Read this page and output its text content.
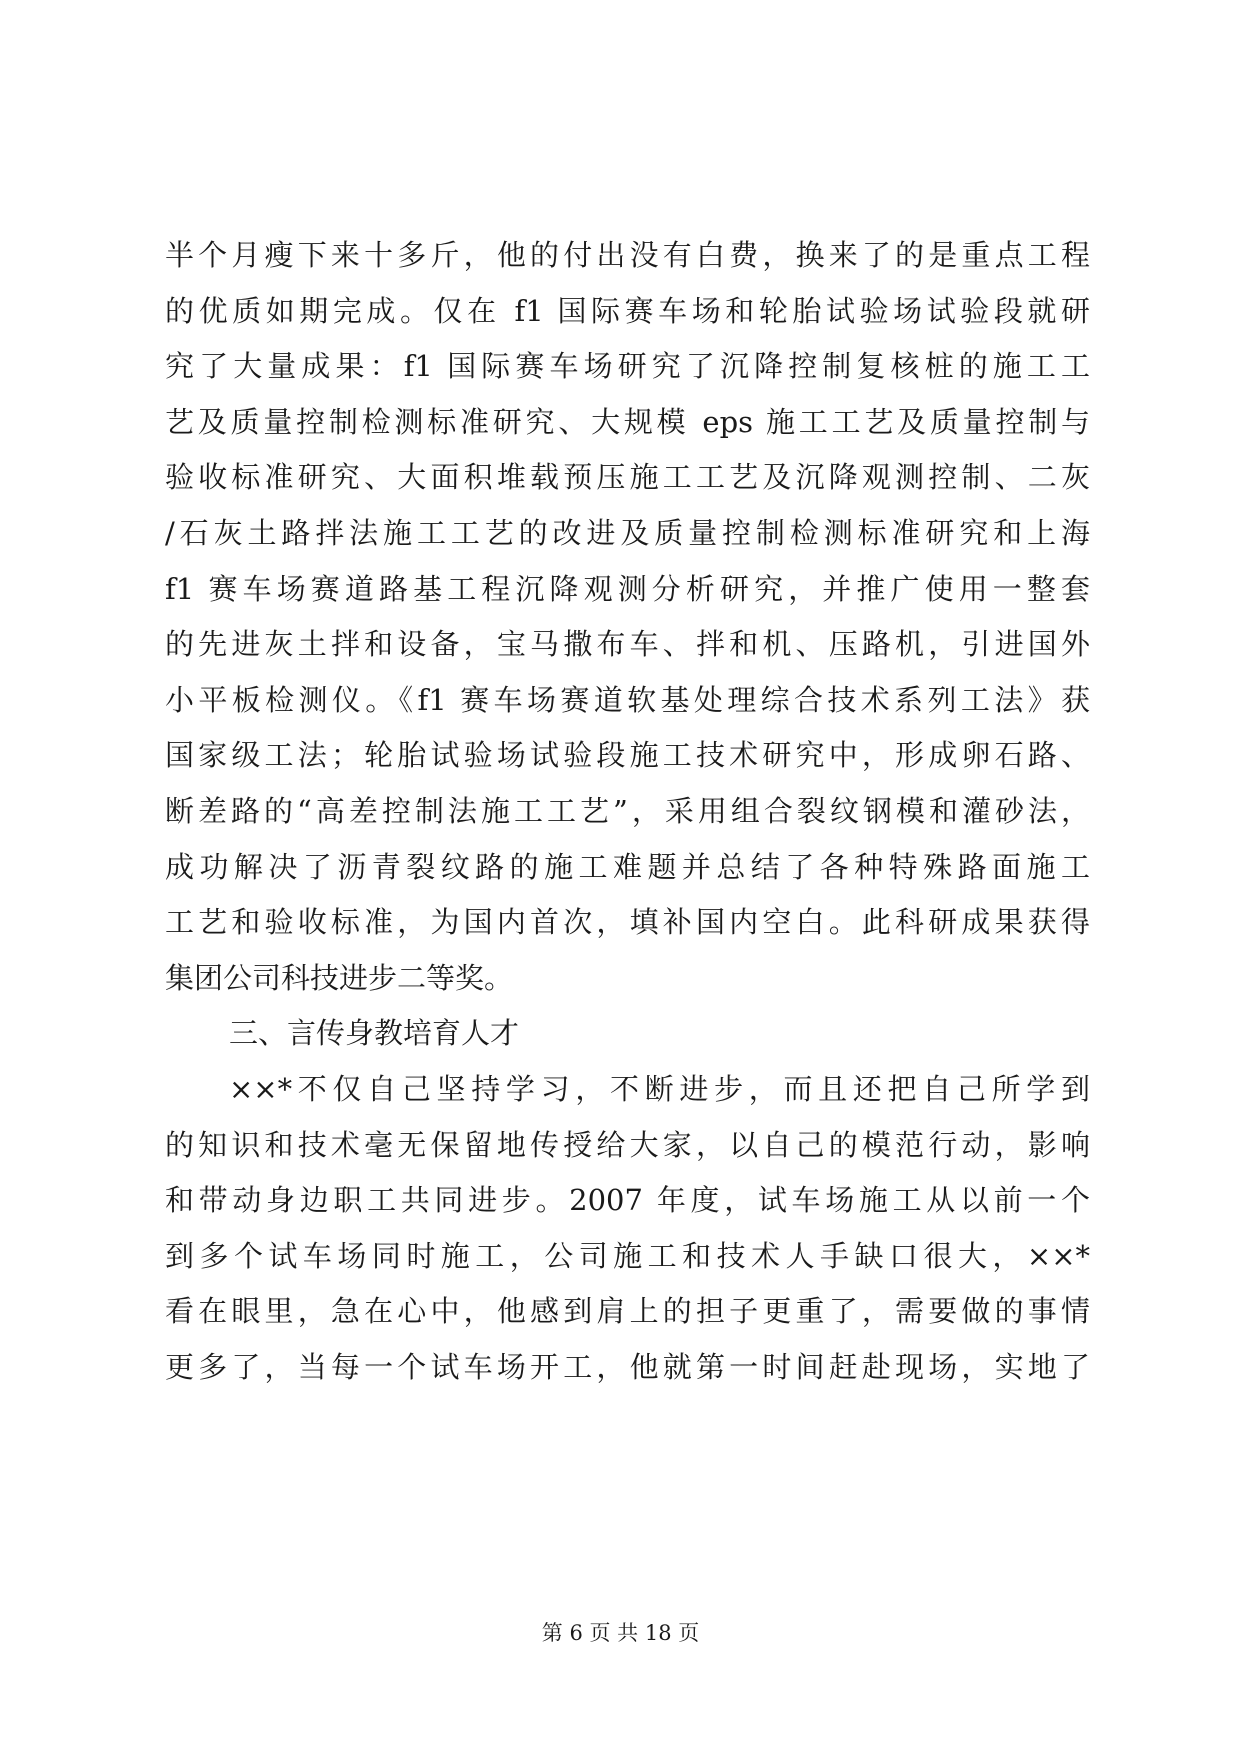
半个月瘦下来十多斤，他的付出没有白费，换来了的是重点工程
的优质如期完成。仅在 f1 国际赛车场和轮胎试验场试验段就研
究了大量成果：f1 国际赛车场研究了沉降控制复核桩的施工工
艺及质量控制检测标准研究、大规模 eps 施工工艺及质量控制与
验收标准研究、大面积堆载预压施工工艺及沉降观测控制、二灰
/石灰土路拌法施工工艺的改进及质量控制检测标准研究和上海
f1 赛车场赛道路基工程沉降观测分析研究，并推广使用一整套
的先进灰土拌和设备，宝马撒布车、拌和机、压路机，引进国外
小平板检测仪。《f1 赛车场赛道软基处理综合技术系列工法》获
国家级工法；轮胎试验场试验段施工技术研究中，形成卵石路、
断差路的“高差控制法施工工艺”，采用组合裂纹钢模和灌砂法，
成功解决了沥青裂纹路的施工难题并总结了各种特殊路面施工
工艺和验收标准，为国内首次，填补国内空白。此科研成果获得
集团公司科技进步二等奖。
三、言传身教培育人才
××*不仅自己坚持学习，不断进步，而且还把自己所学到
的知识和技术毫无保留地传授给大家，以自己的模范行动，影响
和带动身边职工共同进步。2007 年度，试车场施工从以前一个
到多个试车场同时施工，公司施工和技术人手缺口很大，××*
看在眼里，急在心中，他感到肩上的担子更重了，需要做的事情
更多了，当每一个试车场开工，他就第一时间赶赴现场，实地了
第 6 页 共 18 页
